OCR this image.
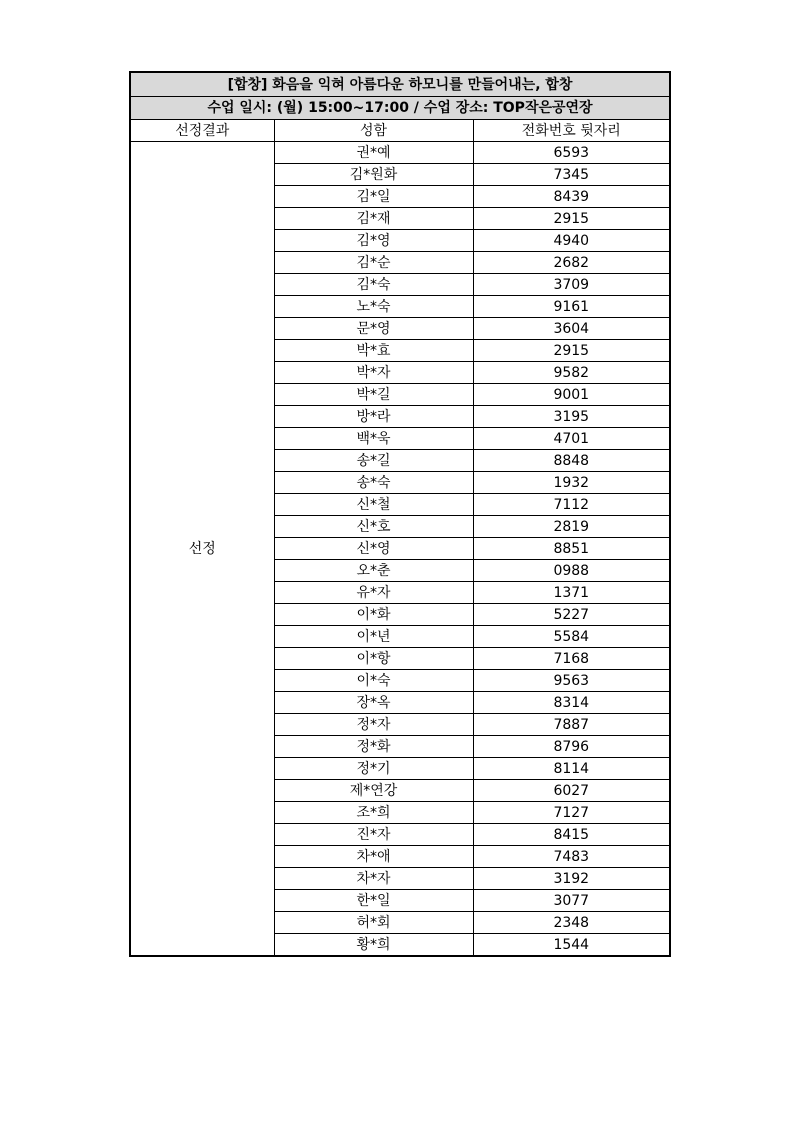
[합창] 화음을 익혀 아름다운 하모니를 만들어내는, 합창		
수업 일시: (월) 15:00~17:00 / 수업 장소: TOP작은공연장		
선정결과	성함	전화번호 뒷자리
선정	권*예	6593
	김*원화	7345
	김*일	8439
	김*재	2915
	김*영	4940
	김*순	2682
	김*숙	3709
	노*숙	9161
	문*영	3604
	박*효	2915
	박*자	9582
	박*길	9001
	방*라	3195
	백*욱	4701
	송*길	8848
	송*숙	1932
	신*철	7112
	신*호	2819
	신*영	8851
	오*춘	0988
	유*자	1371
	이*화	5227
	이*년	5584
	이*항	7168
	이*숙	9563
	장*옥	8314
	정*자	7887
	정*화	8796
	정*기	8114
	제*연강	6027
	조*희	7127
	진*자	8415
	차*애	7483
	차*자	3192
	한*일	3077
	허*회	2348
	황*희	1544
